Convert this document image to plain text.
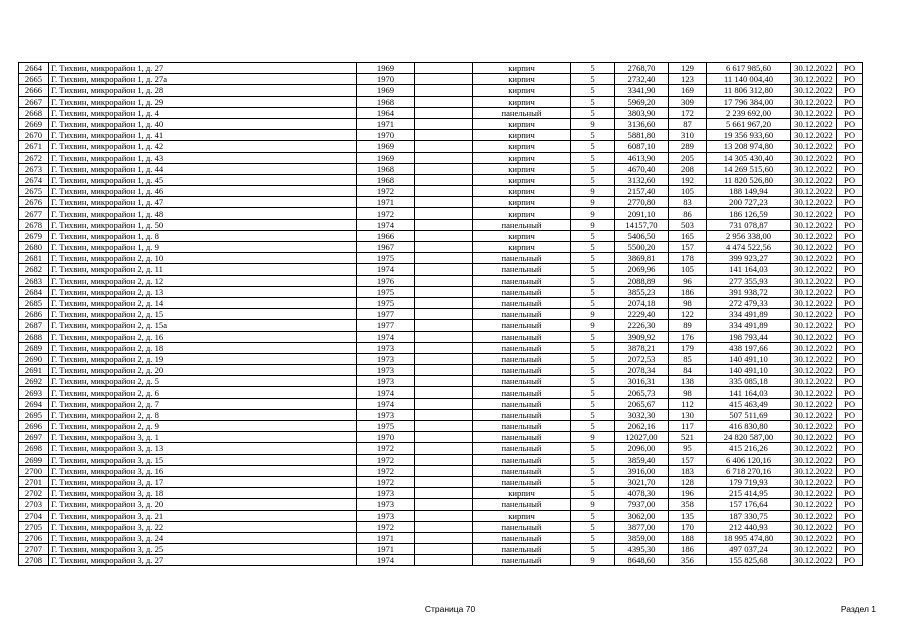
2664	Г. Тихвин, микрорайон 1, д. 27	1969		кирпич	5	2768,70	129	6 617 985,60	30.12.2022	РО
2665	Г. Тихвин, микрорайон 1, д. 27а	1970		кирпич	5	2732,40	123	11 140 004,40	30.12.2022	РО
2666	Г. Тихвин, микрорайон 1, д. 28	1969		кирпич	5	3341,90	169	11 806 312,80	30.12.2022	РО
2667	Г. Тихвин, микрорайон 1, д. 29	1968		кирпич	5	5969,20	309	17 796 384,00	30.12.2022	РО
2668	Г. Тихвин, микрорайон 1, д. 4	1964		панельный	5	3803,90	172	2 239 692,00	30.12.2022	РО
2669	Г. Тихвин, микрорайон 1, д. 40	1971		кирпич	9	3136,60	87	5 661 967,20	30.12.2022	РО
2670	Г. Тихвин, микрорайон 1, д. 41	1970		кирпич	5	5881,80	310	19 356 933,60	30.12.2022	РО
2671	Г. Тихвин, микрорайон 1, д. 42	1969		кирпич	5	6087,10	289	13 208 974,80	30.12.2022	РО
2672	Г. Тихвин, микрорайон 1, д. 43	1969		кирпич	5	4613,90	205	14 305 430,40	30.12.2022	РО
2673	Г. Тихвин, микрорайон 1, д. 44	1968		кирпич	5	4670,40	208	14 269 515,60	30.12.2022	РО
2674	Г. Тихвин, микрорайон 1, д. 45	1968		кирпич	5	3132,60	192	11 820 526,80	30.12.2022	РО
2675	Г. Тихвин, микрорайон 1, д. 46	1972		кирпич	9	2157,40	105	188 149,94	30.12.2022	РО
2676	Г. Тихвин, микрорайон 1, д. 47	1971		кирпич	9	2770,80	83	200 727,23	30.12.2022	РО
2677	Г. Тихвин, микрорайон 1, д. 48	1972		кирпич	9	2091,10	86	186 126,59	30.12.2022	РО
2678	Г. Тихвин, микрорайон 1, д. 50	1974		панельный	9	14157,70	503	731 078,87	30.12.2022	РО
2679	Г. Тихвин, микрорайон 1, д. 8	1966		кирпич	5	5406,50	165	2 956 338,00	30.12.2022	РО
2680	Г. Тихвин, микрорайон 1, д. 9	1967		кирпич	5	5500,20	157	4 474 522,56	30.12.2022	РО
2681	Г. Тихвин, микрорайон 2, д. 10	1975		панельный	5	3869,81	178	399 923,27	30.12.2022	РО
2682	Г. Тихвин, микрорайон 2, д. 11	1974		панельный	5	2069,96	105	141 164,03	30.12.2022	РО
2683	Г. Тихвин, микрорайон 2, д. 12	1976		панельный	5	2088,89	96	277 355,93	30.12.2022	РО
2684	Г. Тихвин, микрорайон 2, д. 13	1975		панельный	5	3855,23	186	391 938,72	30.12.2022	РО
2685	Г. Тихвин, микрорайон 2, д. 14	1975		панельный	5	2074,18	98	272 479,33	30.12.2022	РО
2686	Г. Тихвин, микрорайон 2, д. 15	1977		панельный	9	2229,40	122	334 491,89	30.12.2022	РО
2687	Г. Тихвин, микрорайон 2, д. 15а	1977		панельный	9	2226,30	89	334 491,89	30.12.2022	РО
2688	Г. Тихвин, микрорайон 2, д. 16	1974		панельный	5	3909,92	176	198 793,44	30.12.2022	РО
2689	Г. Тихвин, микрорайон 2, д. 18	1973		панельный	5	3878,21	179	438 197,66	30.12.2022	РО
2690	Г. Тихвин, микрорайон 2, д. 19	1973		панельный	5	2072,53	85	140 491,10	30.12.2022	РО
2691	Г. Тихвин, микрорайон 2, д. 20	1973		панельный	5	2078,34	84	140 491,10	30.12.2022	РО
2692	Г. Тихвин, микрорайон 2, д. 5	1973		панельный	5	3016,31	138	335 085,18	30.12.2022	РО
2693	Г. Тихвин, микрорайон 2, д. 6	1974		панельный	5	2065,73	98	141 164,03	30.12.2022	РО
2694	Г. Тихвин, микрорайон 2, д. 7	1974		панельный	5	2065,67	112	415 463,49	30.12.2022	РО
2695	Г. Тихвин, микрорайон 2, д. 8	1973		панельный	5	3032,30	130	507 511,69	30.12.2022	РО
2696	Г. Тихвин, микрорайон 2, д. 9	1975		панельный	5	2062,16	117	416 830,80	30.12.2022	РО
2697	Г. Тихвин, микрорайон 3, д. 1	1970		панельный	9	12027,00	521	24 820 587,00	30.12.2022	РО
2698	Г. Тихвин, микрорайон 3, д. 13	1972		панельный	5	2096,00	95	415 216,26	30.12.2022	РО
2699	Г. Тихвин, микрорайон 3, д. 15	1972		панельный	5	3859,40	157	6 406 120,16	30.12.2022	РО
2700	Г. Тихвин, микрорайон 3, д. 16	1972		панельный	5	3916,00	183	6 718 270,16	30.12.2022	РО
2701	Г. Тихвин, микрорайон 3, д. 17	1972		панельный	5	3021,70	128	179 719,93	30.12.2022	РО
2702	Г. Тихвин, микрорайон 3, д. 18	1973		кирпич	5	4078,30	196	215 414,95	30.12.2022	РО
2703	Г. Тихвин, микрорайон 3, д. 20	1973		панельный	9	7937,00	358	157 176,64	30.12.2022	РО
2704	Г. Тихвин, микрорайон 3, д. 21	1973		кирпич	5	3062,00	135	187 330,75	30.12.2022	РО
2705	Г. Тихвин, микрорайон 3, д. 22	1972		панельный	5	3877,00	170	212 440,93	30.12.2022	РО
2706	Г. Тихвин, микрорайон 3, д. 24	1971		панельный	5	3859,00	188	18 995 474,80	30.12.2022	РО
2707	Г. Тихвин, микрорайон 3, д. 25	1971		панельный	5	4395,30	186	497 037,24	30.12.2022	РО
2708	Г. Тихвин, микрорайон 3, д. 27	1974		панельный	9	8648,60	356	155 825,68	30.12.2022	РО
Страница 70	Раздел 1
